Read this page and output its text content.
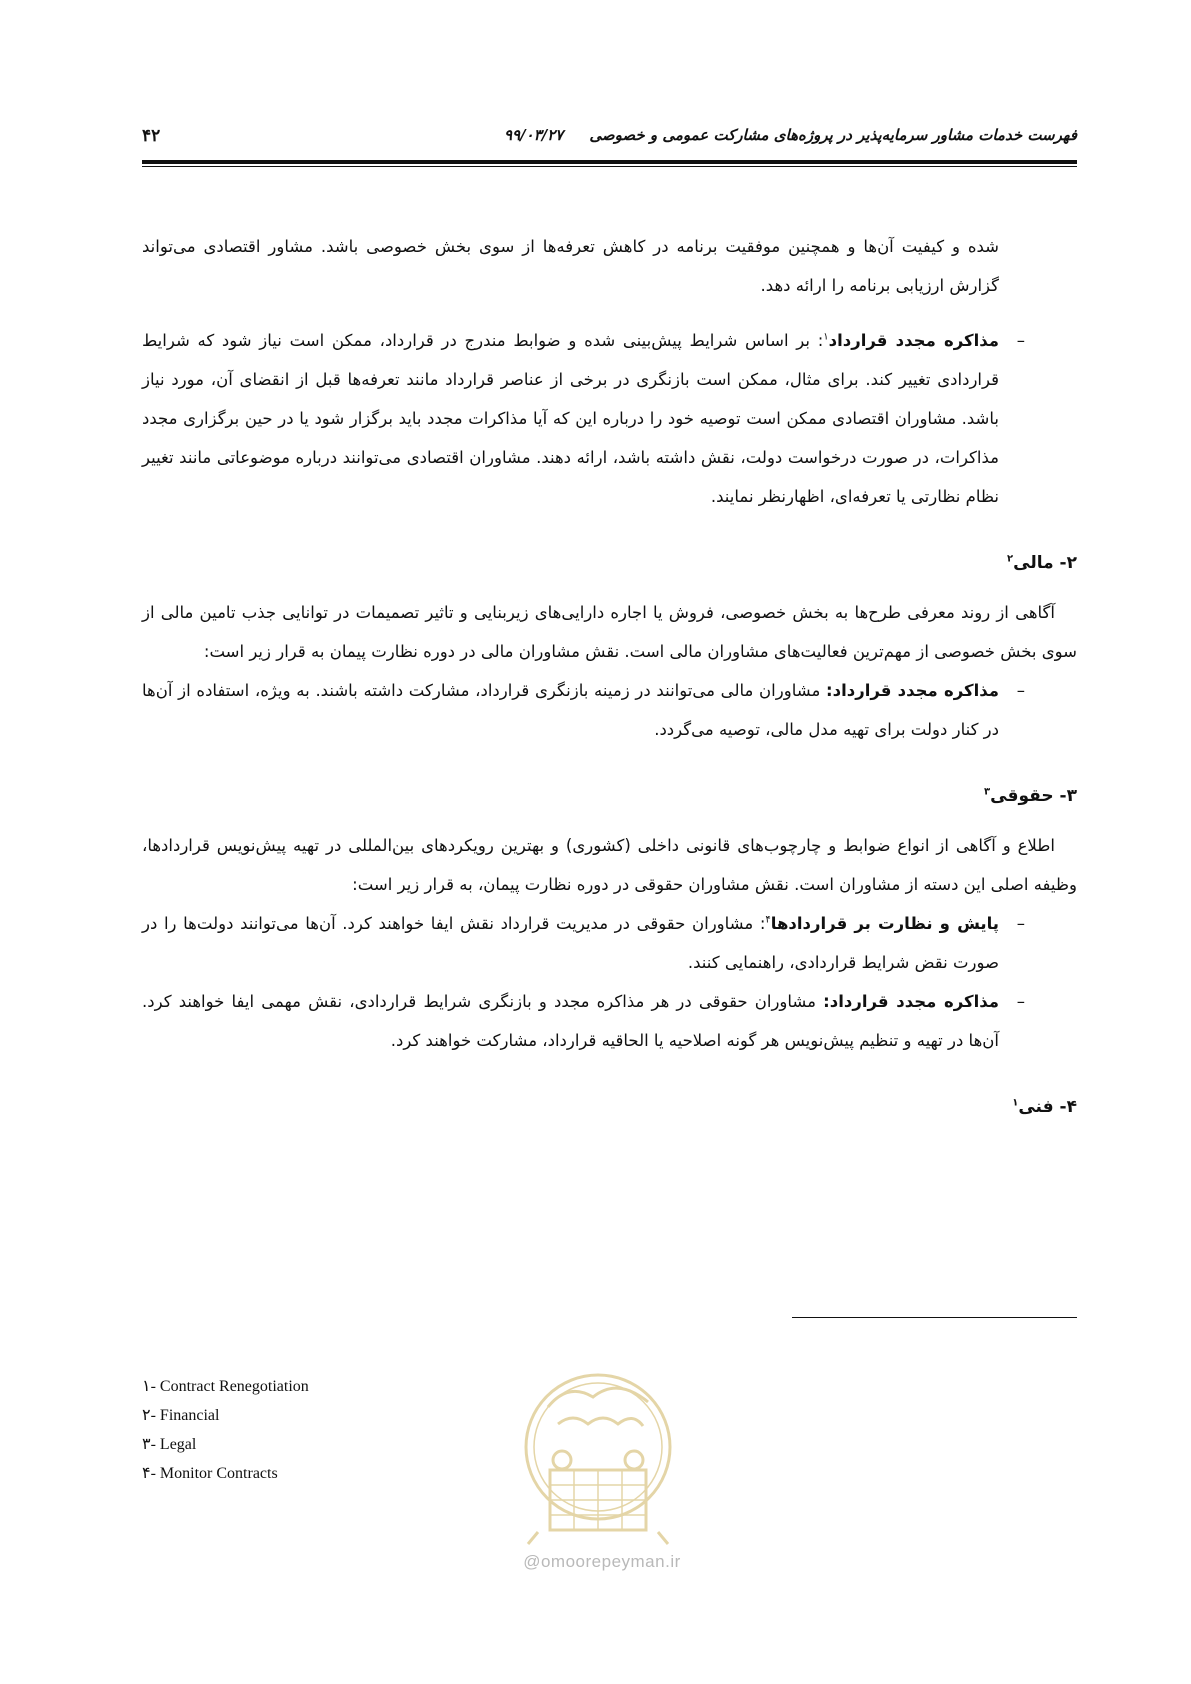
فهرست خدمات مشاور سرمایه‌پذیر در پروژه‌های مشارکت عمومی و خصوصی     ۹۹/۰۳/۲۷
۴۲

شده و کیفیت آن‌ها و همچنین موفقیت برنامه در کاهش تعرفه‌ها از سوی بخش خصوصی باشد. مشاور اقتصادی می‌تواند گزارش ارزیابی برنامه را ارائه دهد.

–
مذاکره مجدد قرارداد$^۱$: بر اساس شرایط پیش‌بینی شده و ضوابط مندرج در قرارداد، ممکن است نیاز شود که شرایط قراردادی تغییر کند. برای مثال، ممکن است بازنگری در برخی از عناصر قرارداد مانند تعرفه‌ها قبل از انقضای آن، مورد نیاز باشد. مشاوران اقتصادی ممکن است توصیه خود را درباره این که آیا مذاکرات مجدد باید برگزار شود یا در حین برگزاری مجدد مذاکرات، در صورت درخواست دولت، نقش داشته باشد، ارائه دهند. مشاوران اقتصادی می‌توانند درباره موضوعاتی مانند تغییر نظام نظارتی یا تعرفه‌ای، اظهارنظر نمایند.

۲- مالی$^۲$

آگاهی از روند معرفی طرح‌ها به بخش خصوصی، فروش یا اجاره دارایی‌های زیربنایی و تاثیر تصمیمات در توانایی جذب تامین مالی از سوی بخش خصوصی از مهم‌ترین فعالیت‌های مشاوران مالی است. نقش مشاوران مالی در دوره نظارت پیمان به قرار زیر است:

–
مذاکره مجدد قرارداد: مشاوران مالی می‌توانند در زمینه بازنگری قرارداد، مشارکت داشته باشند. به ویژه، استفاده از آن‌ها در کنار دولت برای تهیه مدل مالی، توصیه می‌گردد.

۳- حقوقی$^۳$

اطلاع و آگاهی از انواع ضوابط و چارچوب‌های قانونی داخلی (کشوری) و بهترین رویکردهای بین‌المللی در تهیه پیش‌نویس قراردادها، وظیفه اصلی این دسته از مشاوران است. نقش مشاوران حقوقی در دوره نظارت پیمان، به قرار زیر است:

–
پایش و نظارت بر قراردادها$^۴$: مشاوران حقوقی در مدیریت قرارداد نقش ایفا خواهند کرد. آن‌ها می‌توانند دولت‌ها را در صورت نقض شرایط قراردادی، راهنمایی کنند.
–
مذاکره مجدد قرارداد: مشاوران حقوقی در هر مذاکره مجدد و بازنگری شرایط قراردادی، نقش مهمی ایفا خواهند کرد. آن‌ها در تهیه و تنظیم پیش‌نویس هر گونه اصلاحیه یا الحاقیه قرارداد، مشارکت خواهند کرد.

۴- فنی$^۱$

۱- Contract Renegotiation
۲- Financial
۳- Legal
۴- Monitor Contracts
@omoorepeyman.ir
